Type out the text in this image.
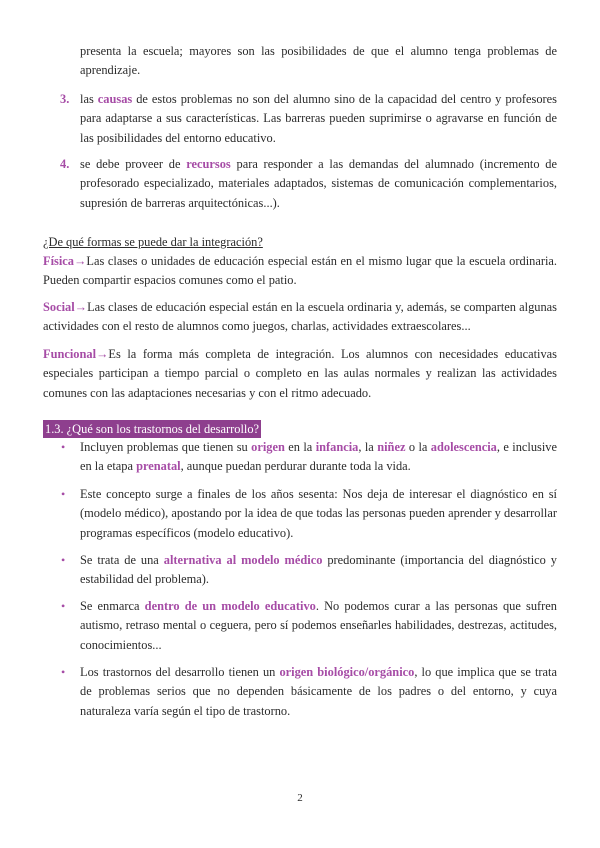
presenta la escuela; mayores son las posibilidades de que el alumno tenga problemas de aprendizaje.

3. las causas de estos problemas no son del alumno sino de la capacidad del centro y profesores para adaptarse a sus características. Las barreras pueden suprimirse o agravarse en función de las posibilidades del entorno educativo.

4. se debe proveer de recursos para responder a las demandas del alumnado (incremento de profesorado especializado, materiales adaptados, sistemas de comunicación complementarios, supresión de barreras arquitectónicas...).

¿De qué formas se puede dar la integración?

Física→Las clases o unidades de educación especial están en el mismo lugar que la escuela ordinaria. Pueden compartir espacios comunes como el patio.

Social→Las clases de educación especial están en la escuela ordinaria y, además, se comparten algunas actividades con el resto de alumnos como juegos, charlas, actividades extraescolares...

Funcional→Es la forma más completa de integración. Los alumnos con necesidades educativas especiales participan a tiempo parcial o completo en las aulas normales y realizan las actividades comunes con las adaptaciones necesarias y con el ritmo adecuado.

1.3. ¿Qué son los trastornos del desarrollo?
• Incluyen problemas que tienen su origen en la infancia, la niñez o la adolescencia, e inclusive en la etapa prenatal, aunque puedan perdurar durante toda la vida.

• Este concepto surge a finales de los años sesenta: Nos deja de interesar el diagnóstico en sí (modelo médico), apostando por la idea de que todas las personas pueden aprender y desarrollar programas específicos (modelo educativo).

• Se trata de una alternativa al modelo médico predominante (importancia del diagnóstico y estabilidad del problema).

• Se enmarca dentro de un modelo educativo. No podemos curar a las personas que sufren autismo, retraso mental o ceguera, pero sí podemos enseñarles habilidades, destrezas, actitudes, conocimientos...

• Los trastornos del desarrollo tienen un origen biológico/orgánico, lo que implica que se trata de problemas serios que no dependen básicamente de los padres o del entorno, y cuya naturaleza varía según el tipo de trastorno.

2
